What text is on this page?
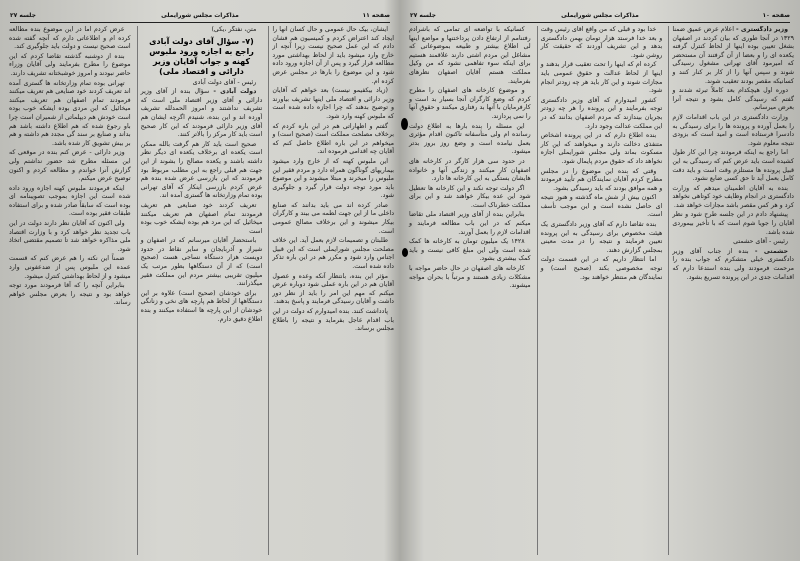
صفحه ۱۱
مذاکرات مجلس شورایملی
جلسه ۲۷

ایشان، بیک حال عمومی و حال کسان آنها را ایجاد کند اعتراض کردم و کمیسیون هم فشان دادم که این عمل صحیح نیست زیرا آنچه از خارج وارد میشود باید از لحاظ بهداشتی مورد مطالعه قرار گیرد و پس از آن اجازه ورود داده شود و این موضوع را بارها در مجلس عرض کرده ام.

(زیاد بیکفیمو نیست) بعد خواهم که آقایان وزیر دارائی و اقتصاد ملی اینها تشریف بیاورند و توضیح بدهند که چرا اجازه داده شده است که ملبوس کهنه وارد شود.

گفتم و اظهاراتی هم در این باره کردم که برخلاف مصلحت مملکت است (صحیح است) و میخواهم در این باره اطلاع حاصل کنم که آقایان چه اقدامی فرموده اند.

این ملبوس کهنه که از خارج وارد میشود بیماریهای گوناگون همراه دارد و مردم فقیر این ملبوس را میخرند و مبتلا میشوند و این موضوع باید مورد توجه دولت قرار گیرد و جلوگیری شود.

صادر کرده اند می باید بدانند که صنایع داخلی ما از این جهت لطمه می بیند و کارگران بیکار میشوند و این برخلاف مصالح عمومی است.

طلبتان و تصمیمات لازم بعمل آید. این خلاف مصلحت مجلس شورایملی است که این قبیل اجناس وارد شود و مکرر هم در این باره تذکر داده شده است.

مؤثر این بنده، بانتظار آنکه وعده و عصول آقایان هم در این باره عملی شود دوباره عرض میکنم که مهم این امر را باید از نظر دور داشت و آقایان رسیدگی فرمایند و پاسخ بدهند.

پادداشت کنند. بنده امیدوارم که دولت در این باب اقدام عاجل بفرماید و نتیجه را باطلاع مجلس برساند.

متن، نفتگر ،یکی)

(۷- سؤال آقای دولت آبادی راجع به اجازه ورود ملبوس کهنه و جواب آقایان وزیر دارائی و اقتصاد ملی)

رئیس - آقای دولت آبادی

دولت آبادی - سؤال بنده از آقای وزیر دارائی و آقای وزیر اقتصاد ملی است که تشریف نداشتند و امروز الحمدلله تشریف آورده اند و این بنده، شنیدم اگرچه ایشان هم آقای وزیر دارائی فرمودند که این کار صحیح است باید کار مرکز را بالاتر کنند.

صحیح است باید کار هم گرفت بالله ممکن است یکعده ای برخلاف یکعده ای دیگر نظر داشته باشند و یکعده مصالح را بشوند از این جهت هم قبلی راجع به این مطلب مربوط بود فرمودند که این بازرسی عرض شده بنده هم عرض کردم بازرسی اینکار که آقای تهرانی بوده تمام وزارتخانه ها گستری آمده اند.

تعریف کردند خود صنایعی هم تعریف فرمودند تمام اصفهان هم تعریف میکنند میخائیل که این مرد هم بوده ایشکه خوب بوده است

باستحضار آقایان میرسانم که در اصفهان و شیراز و آذربایجان و سایر نقاط در حدود دویست هزار دستگاه نساجی هست (صحیح است) که از آن دستگاهها بطور مرتب یک میلیون تقریبی بیشتر مردم این مملکت فقیر میگذرانند.

برای خودشان (صحیح است) علاوه بر این دستگاهها از لحاظ هم پارچه های نخی و زنانگی خودشان از این پارچه ها استفاده میکنند و بنده اطلاع دقیق دارم.

عرض کردم اما در این موضوع بنده مطالعه کرده ام و اطلاعاتی دارم که آنچه گفته شده است صحیح نیست و دولت باید جلوگیری کند.

بنده از دوشنبه گذشته تقاضا کردم که این موضوع را مطرح بفرمایند ولی آقایان وزراء حاضر نبودند و امروز خوشبختانه تشریف دارند.

تهرانی بوده تمام وزارتخانه ها گستری آمده اند تعریف کردند خود صنایعی هم تعریف میکنند فرمودند تمام اصفهان هم تعریف میکنند میخائیل که این مردی بوده ایشکه خوب بوده است خودش هم دیپلماتی از شمیران است چرا باو رجوع شده که هم اطلاع داشته باشد هم بداند و صنایع بر سند گی مجدد هم داشته و هم بر بیش تشویق کار شده باشد.

وزیر دارائی - عرض کنم بنده در موقعی که این مسئله مطرح شد حضور نداشتم ولی گزارش آنرا خواندم و مطالعه کردم و اکنون توضیح عرض میکنم.

اینکه فرمودند ملبوس کهنه اجازه ورود داده شده است این اجازه بموجب تصویبنامه ای بوده است که سابقاً صادر شده و برای استفاده طبقات فقیر بوده است.

ولی اکنون که آقایان نظر دارند دولت در این باب تجدید نظر خواهد کرد و با وزارت اقتصاد ملی مذاکره خواهد شد تا تصمیم مقتضی اتخاذ شود.

ضمناً این نکته را هم عرض کنم که قسمت عمده این ملبوس پس از ضدعفونی وارد میشود و از لحاظ بهداشتی کنترل میشود.

بنابراین آنچه را که آقا فرمودند مورد توجه خواهد بود و نتیجه را بعرض مجلس خواهم رساند.

صفحه ۱۰
مذاکرات مجلس شورایملی
جلسه ۲۷

وزیر دادگستری - اعلام عرض عمیق ضمنا ۱۳۲۹ در آنجا طوری که بیان کردند در اصفهان بشغل تعیین بوده اینها از لحاظ کنترل گرفته یکعده ای را و بعضا از آن گرفتند آن مستحضر که امیرمود آقای تهرانی مشغول رسیدگی شوند و سپس آنها را از کار بر کنار کنند و کسانیکه مقصر بودند تعقیب شوند.

دوره اول هیچکدام بعد کاملاً تبرئه شدند و گفتم که رسیدگی کامل بشود و نتیجه آنرا بعرض میرسانم.

وزارت دادگستری در این باب اقدامات لازم را بعمل آورده و پرونده ها را برای رسیدگی به دادسرا فرستاده است و امید است که بزودی نتیجه معلوم شود.

اما راجع به اینکه فرمودند چرا این کار طول کشیده است باید عرض کنم که رسیدگی به این قبیل پرونده ها مستلزم وقت است و باید دقت کامل بعمل آید تا حق کسی ضایع نشود.

بنده به آقایان اطمینان میدهم که وزارت دادگستری در انجام وظایف خود کوتاهی نخواهد کرد و هر کس مقصر باشد مجازات خواهد شد.

پیشنهاد دادم در این جلسه طرح شود و نظر آقایان را جویا شوم است که با تأخیر بیموردی شده باشد.

رئیس - آقای حشمتی

حشمتی - بنده از جناب آقای وزیر دادگستری خیلی متشکرم که جواب بنده را مرحمت فرمودند ولی بنده استدعا دارم که اقدامات جدی در این پرونده تسریع بشود.

خدا بود و قبلی که من واقع آقای رئیس وقت و بعد خدا فرستد هزار تومان بهمن دادگستری بدهد و این تشریف آوردند که حقیقت کار روشن شود.

کرده ام که اینها را تحت تعقیب قرار بدهند و اینها از لحاظ عدالت و حقوق عمومی باید مجازات شوند و این کار باید هر چه زودتر انجام شود.

کشور امیدوارم که آقای وزیر دادگستری توجه بفرمایند و این پرونده را هر چه زودتر بجریان بیندازند که مردم اصفهان بدانند که در این مملکت عدالت وجود دارد.

بنده اطلاع دارم که در این پرونده اشخاص متنفذی دخالت دارند و میخواهند که این کار مسکوت بماند ولی مجلس شورایملی اجازه نخواهد داد که حقوق مردم پایمال شود.

وقتی که بنده این موضوع را در مجلس مطرح کردم آقایان نمایندگان هم تأیید فرمودند و همه موافق بودند که باید رسیدگی بشود.

اکنون بیش از شش ماه گذشته و هنوز نتیجه ای حاصل نشده است و این موجب تأسف است.

بنده تقاضا دارم که آقای وزیر دادگستری یک هیئت مخصوص برای رسیدگی به این پرونده تعیین فرمایند و نتیجه را در مدت معینی بمجلس گزارش دهند.

اما انتظار داریم که در این قسمت دولت توجه مخصوصی بکند (صحیح است) و نمایندگان هم منتظر خواهند بود.

کسانیکه با تواضعه ای تمامی که باشرادم رفتنامم از ارتفاع دادن پرداختنها و مواضع اینها لی اطلاع بیشتر و طبیعه بموضوعاتی که مشاغل این مردم اشتی دارند علاقمند هستیم برای اینکه سوء تفاهمی نشود که من وکیل مملکت هستم آقایان اصفهان نظرهای بفرمایند.

و موضوع کارخانه های اصفهان را مطرح کردم که وضع کارگران آنجا بسیار بد است و کارفرمایان با آنها بد رفتاری میکنند و حقوق آنها را نمی پردازند.

این مسئله را بنده بارها به اطلاع دولت رسانده ام ولی متأسفانه تاکنون اقدام مؤثری بعمل نیامده است و وضع روز بروز بدتر میشود.

در حدود سی هزار کارگر در کارخانه های اصفهان کار میکنند و زندگی آنها و خانواده هایشان بستگی به این کارخانه ها دارد.

اگر دولت توجه نکند و این کارخانه ها تعطیل شود این عده بیکار خواهند شد و این برای مملکت خطرناک است.

بنابراین بنده از آقای وزیر اقتصاد ملی تقاضا میکنم که در این باب مطالعه فرمایند و اقدامات لازم را بعمل آورند.

۱۴۲۸ یک میلیون تومان به کارخانه ها کمک شده است ولی این مبلغ کافی نیست و باید کمک بیشتری بشود.

کارخانه های اصفهان در حال حاضر مواجه با مشکلات زیادی هستند و مرتباً با بحران مواجه میشوند.
